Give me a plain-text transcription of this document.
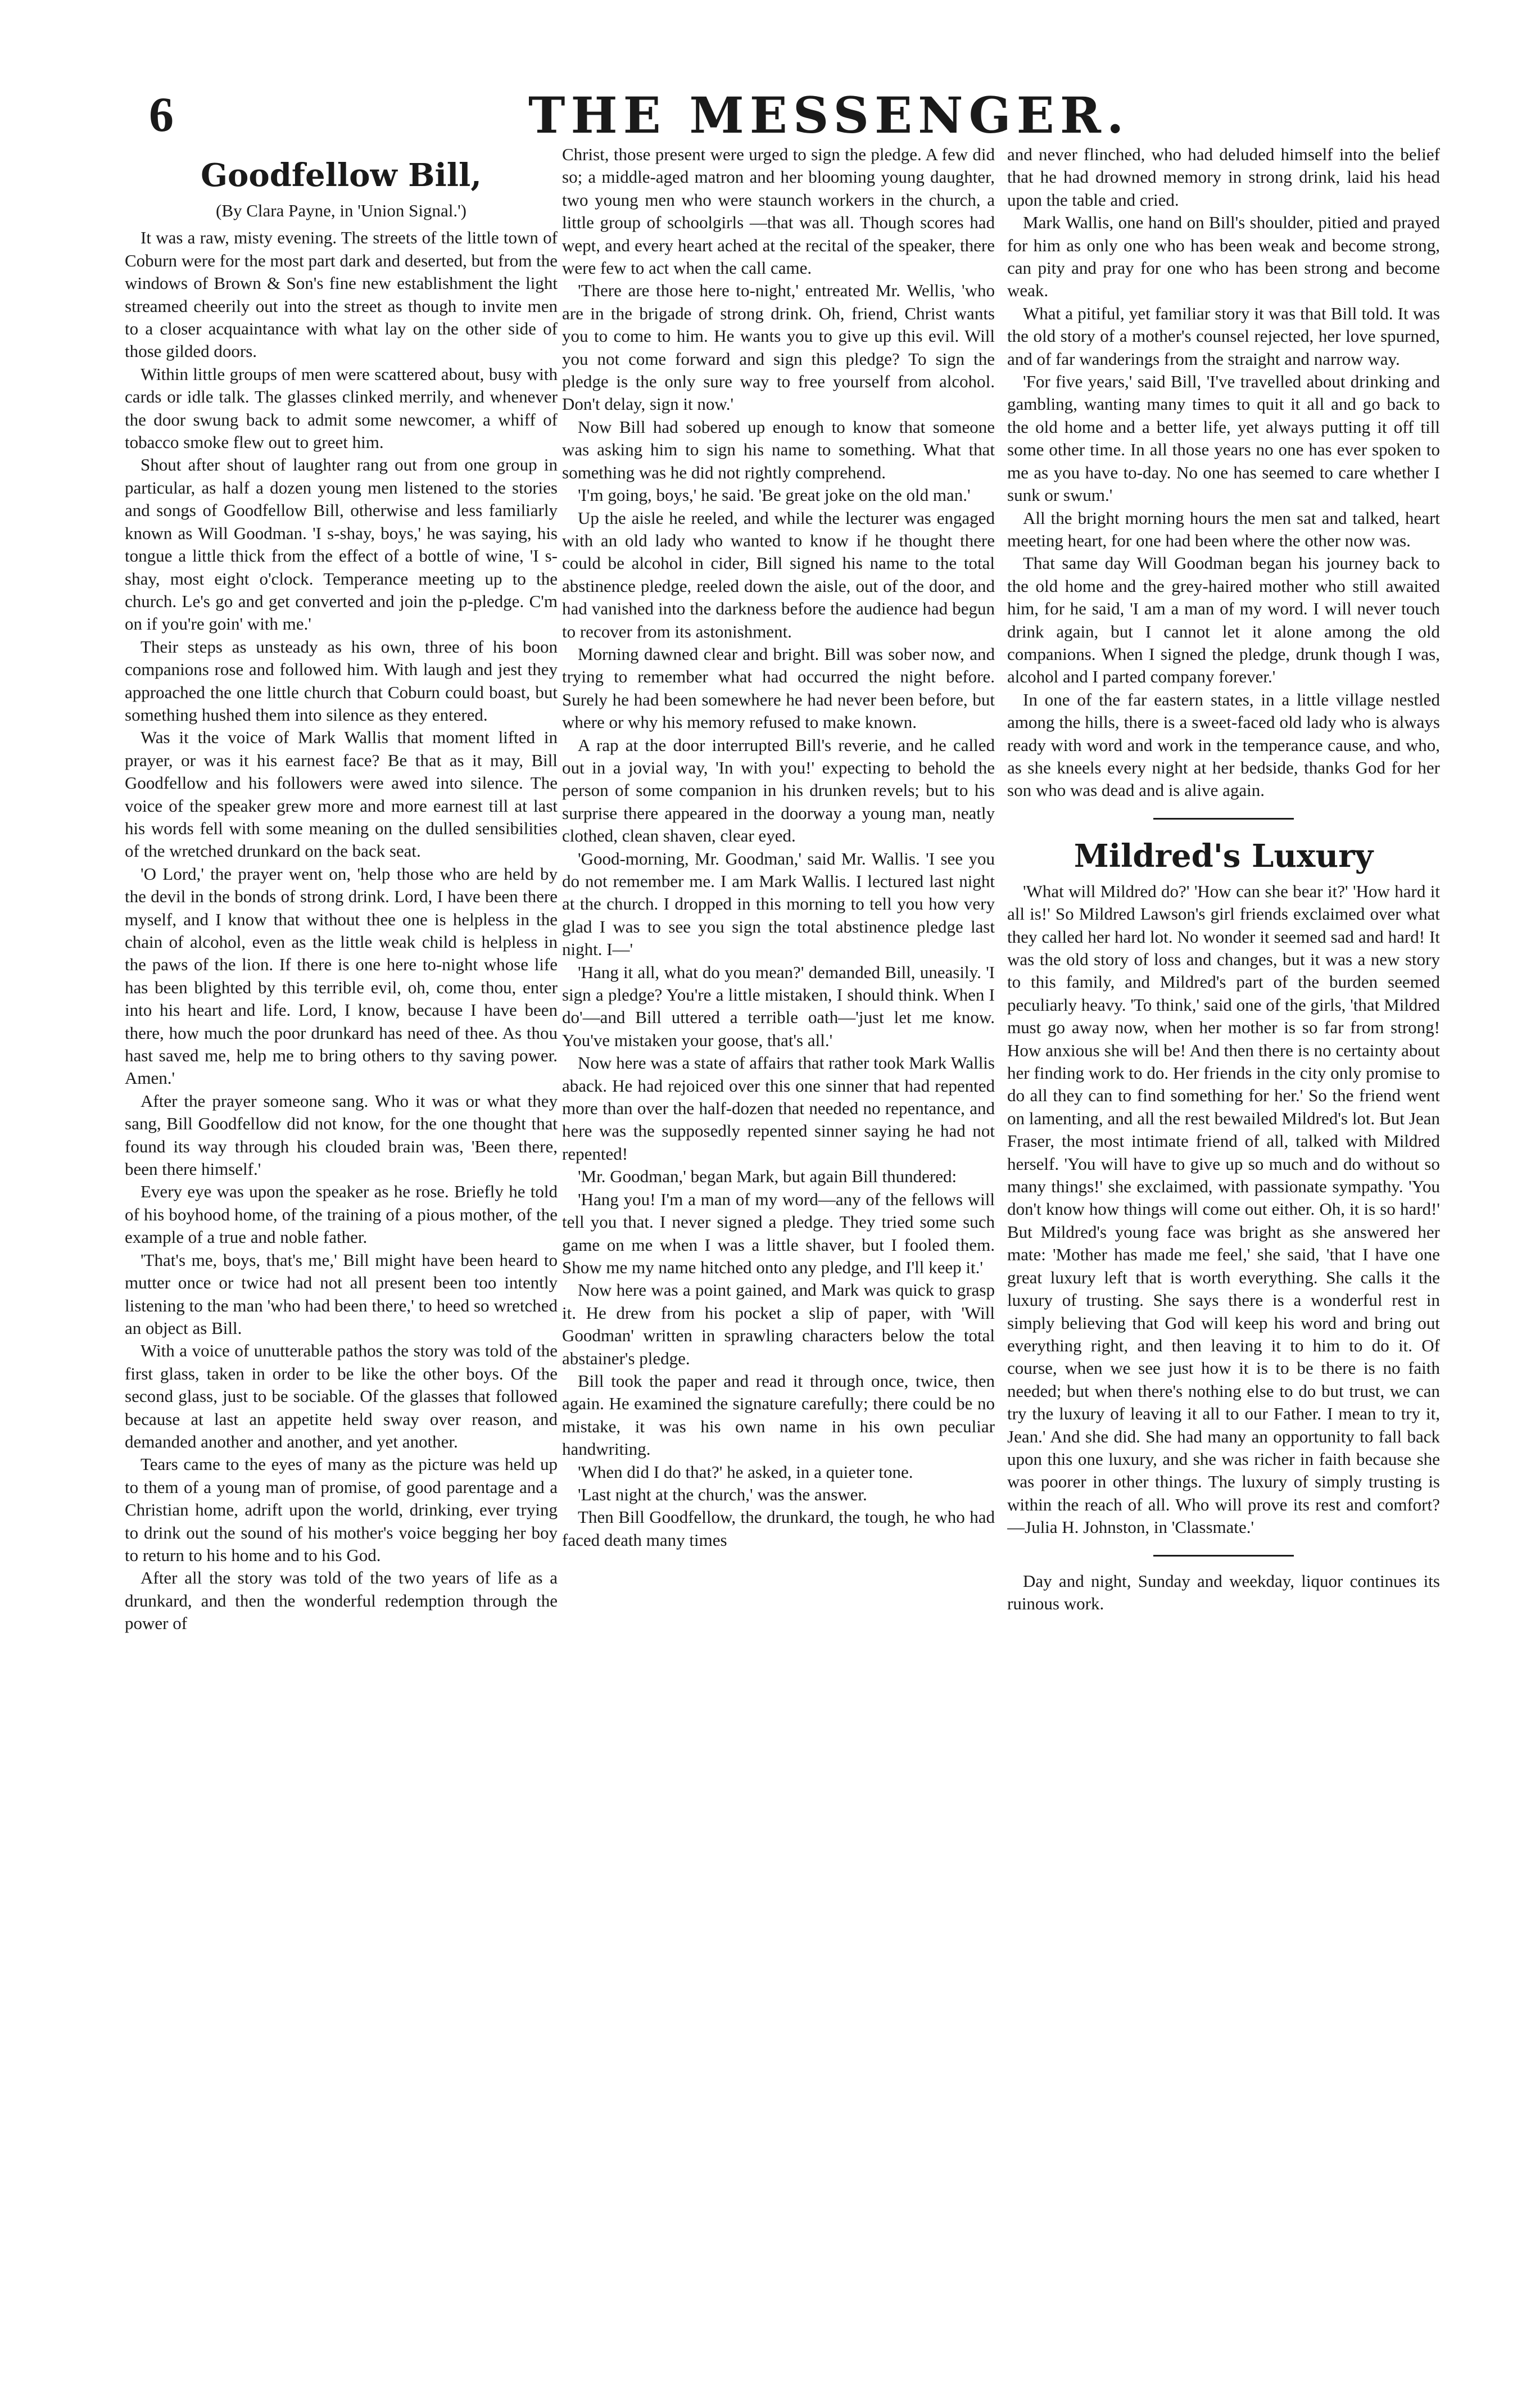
6	THE MESSENGER.
Goodfellow Bill,

(By Clara Payne, in 'Union Signal.')

It was a raw, misty evening. The streets of the little town of Coburn were for the most part dark and deserted, but from the windows of Brown & Son's fine new establishment the light streamed cheerily out into the street as though to invite men to a closer acquaintance with what lay on the other side of those gilded doors.

Within little groups of men were scattered about, busy with cards or idle talk. The glasses clinked merrily, and whenever the door swung back to admit some newcomer, a whiff of tobacco smoke flew out to greet him.

Shout after shout of laughter rang out from one group in particular, as half a dozen young men listened to the stories and songs of Goodfellow Bill, otherwise and less familiarly known as Will Goodman. 'I s-shay, boys,' he was saying, his tongue a little thick from the effect of a bottle of wine, 'I s-shay, most eight o'clock. Temperance meeting up to the church. Le's go and get converted and join the p-pledge. C'm on if you're goin' with me.'

Their steps as unsteady as his own, three of his boon companions rose and followed him. With laugh and jest they approached the one little church that Coburn could boast, but something hushed them into silence as they entered.

Was it the voice of Mark Wallis that moment lifted in prayer, or was it his earnest face? Be that as it may, Bill Goodfellow and his followers were awed into silence. The voice of the speaker grew more and more earnest till at last his words fell with some meaning on the dulled sensibilities of the wretched drunkard on the back seat.

'O Lord,' the prayer went on, 'help those who are held by the devil in the bonds of strong drink. Lord, I have been there myself, and I know that without thee one is helpless in the chain of alcohol, even as the little weak child is helpless in the paws of the lion. If there is one here to-night whose life has been blighted by this terrible evil, oh, come thou, enter into his heart and life. Lord, I know, because I have been there, how much the poor drunkard has need of thee. As thou hast saved me, help me to bring others to thy saving power. Amen.'

After the prayer someone sang. Who it was or what they sang, Bill Goodfellow did not know, for the one thought that found its way through his clouded brain was, 'Been there, been there himself.'

Every eye was upon the speaker as he rose. Briefly he told of his boyhood home, of the training of a pious mother, of the example of a true and noble father.

'That's me, boys, that's me,' Bill might have been heard to mutter once or twice had not all present been too intently listening to the man 'who had been there,' to heed so wretched an object as Bill.

With a voice of unutterable pathos the story was told of the first glass, taken in order to be like the other boys. Of the second glass, just to be sociable. Of the glasses that followed because at last an appetite held sway over reason, and demanded another and another, and yet another.

Tears came to the eyes of many as the picture was held up to them of a young man of promise, of good parentage and a Christian home, adrift upon the world, drinking, ever trying to drink out the sound of his mother's voice begging her boy to return to his home and to his God.

After all the story was told of the two years of life as a drunkard, and then the wonderful redemption through the power of

Christ, those present were urged to sign the pledge. A few did so; a middle-aged matron and her blooming young daughter, two young men who were staunch workers in the church, a little group of schoolgirls —that was all. Though scores had wept, and every heart ached at the recital of the speaker, there were few to act when the call came.

'There are those here to-night,' entreated Mr. Wellis, 'who are in the brigade of strong drink. Oh, friend, Christ wants you to come to him. He wants you to give up this evil. Will you not come forward and sign this pledge? To sign the pledge is the only sure way to free yourself from alcohol. Don't delay, sign it now.'

Now Bill had sobered up enough to know that someone was asking him to sign his name to something. What that something was he did not rightly comprehend.

'I'm going, boys,' he said. 'Be great joke on the old man.'

Up the aisle he reeled, and while the lecturer was engaged with an old lady who wanted to know if he thought there could be alcohol in cider, Bill signed his name to the total abstinence pledge, reeled down the aisle, out of the door, and had vanished into the darkness before the audience had begun to recover from its astonishment.

Morning dawned clear and bright. Bill was sober now, and trying to remember what had occurred the night before. Surely he had been somewhere he had never been before, but where or why his memory refused to make known.

A rap at the door interrupted Bill's reverie, and he called out in a jovial way, 'In with you!' expecting to behold the person of some companion in his drunken revels; but to his surprise there appeared in the doorway a young man, neatly clothed, clean shaven, clear eyed.

'Good-morning, Mr. Goodman,' said Mr. Wallis. 'I see you do not remember me. I am Mark Wallis. I lectured last night at the church. I dropped in this morning to tell you how very glad I was to see you sign the total abstinence pledge last night. I—'

'Hang it all, what do you mean?' demanded Bill, uneasily. 'I sign a pledge? You're a little mistaken, I should think. When I do'—and Bill uttered a terrible oath—'just let me know. You've mistaken your goose, that's all.'

Now here was a state of affairs that rather took Mark Wallis aback. He had rejoiced over this one sinner that had repented more than over the half-dozen that needed no repentance, and here was the supposedly repented sinner saying he had not repented!

'Mr. Goodman,' began Mark, but again Bill thundered:

'Hang you! I'm a man of my word—any of the fellows will tell you that. I never signed a pledge. They tried some such game on me when I was a little shaver, but I fooled them. Show me my name hitched onto any pledge, and I'll keep it.'

Now here was a point gained, and Mark was quick to grasp it. He drew from his pocket a slip of paper, with 'Will Goodman' written in sprawling characters below the total abstainer's pledge.

Bill took the paper and read it through once, twice, then again. He examined the signature carefully; there could be no mistake, it was his own name in his own peculiar handwriting.

'When did I do that?' he asked, in a quieter tone.

'Last night at the church,' was the answer.

Then Bill Goodfellow, the drunkard, the tough, he who had faced death many times

and never flinched, who had deluded himself into the belief that he had drowned memory in strong drink, laid his head upon the table and cried.

Mark Wallis, one hand on Bill's shoulder, pitied and prayed for him as only one who has been weak and become strong, can pity and pray for one who has been strong and become weak.

What a pitiful, yet familiar story it was that Bill told. It was the old story of a mother's counsel rejected, her love spurned, and of far wanderings from the straight and narrow way.

'For five years,' said Bill, 'I've travelled about drinking and gambling, wanting many times to quit it all and go back to the old home and a better life, yet always putting it off till some other time. In all those years no one has ever spoken to me as you have to-day. No one has seemed to care whether I sunk or swum.'

All the bright morning hours the men sat and talked, heart meeting heart, for one had been where the other now was.

That same day Will Goodman began his journey back to the old home and the grey-haired mother who still awaited him, for he said, 'I am a man of my word. I will never touch drink again, but I cannot let it alone among the old companions. When I signed the pledge, drunk though I was, alcohol and I parted company forever.'

In one of the far eastern states, in a little village nestled among the hills, there is a sweet-faced old lady who is always ready with word and work in the temperance cause, and who, as she kneels every night at her bedside, thanks God for her son who was dead and is alive again.

Mildred's Luxury

'What will Mildred do?' 'How can she bear it?' 'How hard it all is!' So Mildred Lawson's girl friends exclaimed over what they called her hard lot. No wonder it seemed sad and hard! It was the old story of loss and changes, but it was a new story to this family, and Mildred's part of the burden seemed peculiarly heavy. 'To think,' said one of the girls, 'that Mildred must go away now, when her mother is so far from strong! How anxious she will be! And then there is no certainty about her finding work to do. Her friends in the city only promise to do all they can to find something for her.' So the friend went on lamenting, and all the rest bewailed Mildred's lot. But Jean Fraser, the most intimate friend of all, talked with Mildred herself. 'You will have to give up so much and do without so many things!' she exclaimed, with passionate sympathy. 'You don't know how things will come out either. Oh, it is so hard!' But Mildred's young face was bright as she answered her mate: 'Mother has made me feel,' she said, 'that I have one great luxury left that is worth everything. She calls it the luxury of trusting. She says there is a wonderful rest in simply believing that God will keep his word and bring out everything right, and then leaving it to him to do it. Of course, when we see just how it is to be there is no faith needed; but when there's nothing else to do but trust, we can try the luxury of leaving it all to our Father. I mean to try it, Jean.' And she did. She had many an opportunity to fall back upon this one luxury, and she was richer in faith because she was poorer in other things. The luxury of simply trusting is within the reach of all. Who will prove its rest and comfort?—Julia H. Johnston, in 'Classmate.'

Day and night, Sunday and weekday, liquor continues its ruinous work.
